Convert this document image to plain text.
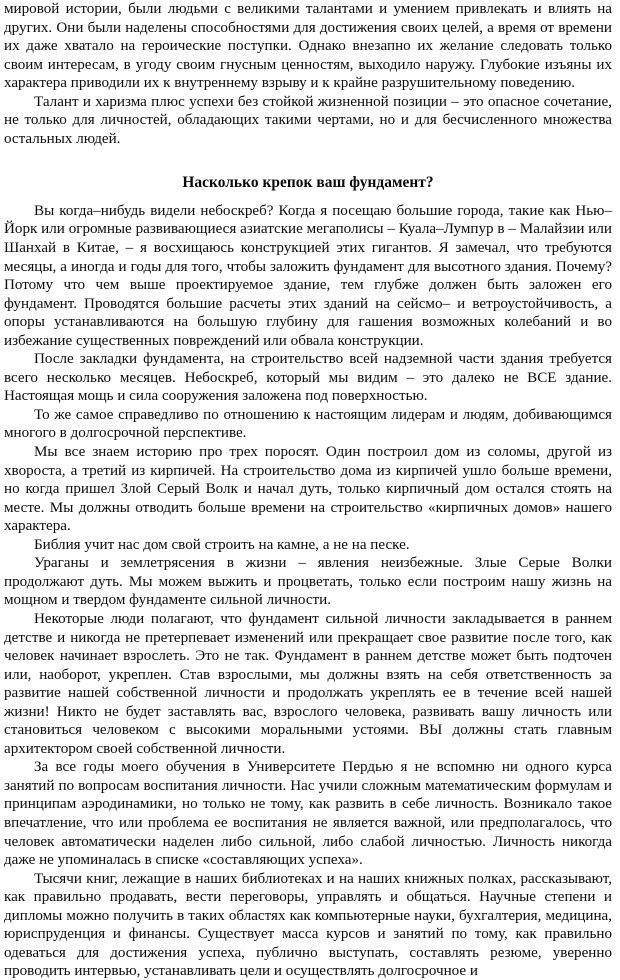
мировой истории, были людьми с великими талантами и умением привлекать и влиять на других. Они были наделены способностями для достижения своих целей, а время от времени их даже хватало на героические поступки. Однако внезапно их желание следовать только своим интересам, в угоду своим гнусным ценностям, выходило наружу. Глубокие изъяны их характера приводили их к внутреннему взрыву и к крайне разрушительному поведению.

Талант и харизма плюс успехи без стойкой жизненной позиции – это опасное сочетание, не только для личностей, обладающих такими чертами, но и для бесчисленного множества остальных людей.

Насколько крепок ваш фундамент?

Вы когда–нибудь видели небоскреб? Когда я посещаю большие города, такие как Нью–Йорк или огромные развивающиеся азиатские мегаполисы – Куала–Лумпур в – Малайзии или Шанхай в Китае, – я восхищаюсь конструкцией этих гигантов. Я замечал, что требуются месяцы, а иногда и годы для того, чтобы заложить фундамент для высотного здания. Почему? Потому что чем выше проектируемое здание, тем глубже должен быть заложен его фундамент. Проводятся большие расчеты этих зданий на сейсмо– и ветроустойчивость, а опоры устанавливаются на большую глубину для гашения возможных колебаний и во избежание существенных повреждений или обвала конструкции.

После закладки фундамента, на строительство всей надземной части здания требуется всего несколько месяцев. Небоскреб, который мы видим – это далеко не ВСЕ здание. Настоящая мощь и сила сооружения заложена под поверхностью.

То же самое справедливо по отношению к настоящим лидерам и людям, добивающимся многого в долгосрочной перспективе.

Мы все знаем историю про трех поросят. Один построил дом из соломы, другой из хвороста, а третий из кирпичей. На строительство дома из кирпичей ушло больше времени, но когда пришел Злой Серый Волк и начал дуть, только кирпичный дом остался стоять на месте. Мы должны отводить больше времени на строительство «кирпичных домов» нашего характера.

Библия учит нас дом свой строить на камне, а не на песке.

Ураганы и землетрясения в жизни – явления неизбежные. Злые Серые Волки продолжают дуть. Мы можем выжить и процветать, только если построим нашу жизнь на мощном и твердом фундаменте сильной личности.

Некоторые люди полагают, что фундамент сильной личности закладывается в раннем детстве и никогда не претерпевает изменений или прекращает свое развитие после того, как человек начинает взрослеть. Это не так. Фундамент в раннем детстве может быть подточен или, наоборот, укреплен. Став взрослыми, мы должны взять на себя ответственность за развитие нашей собственной личности и продолжать укреплять ее в течение всей нашей жизни! Никто не будет заставлять вас, взрослого человека, развивать вашу личность или становиться человеком с высокими моральными устоями. ВЫ должны стать главным архитектором своей собственной личности.

За все годы моего обучения в Университете Пердью я не вспомню ни одного курса занятий по вопросам воспитания личности. Нас учили сложным математическим формулам и принципам аэродинамики, но только не тому, как развить в себе личность. Возникало такое впечатление, что или проблема ее воспитания не является важной, или предполагалось, что человек автоматически наделен либо сильной, либо слабой личностью. Личность никогда даже не упоминалась в списке «составляющих успеха».

Тысячи книг, лежащие в наших библиотеках и на наших книжных полках, рассказывают, как правильно продавать, вести переговоры, управлять и общаться. Научные степени и дипломы можно получить в таких областях как компьютерные науки, бухгалтерия, медицина, юриспруденция и финансы. Существует масса курсов и занятий по тому, как правильно одеваться для достижения успеха, публично выступать, составлять резюме, уверенно проводить интервью, устанавливать цели и осуществлять долгосрочное и
